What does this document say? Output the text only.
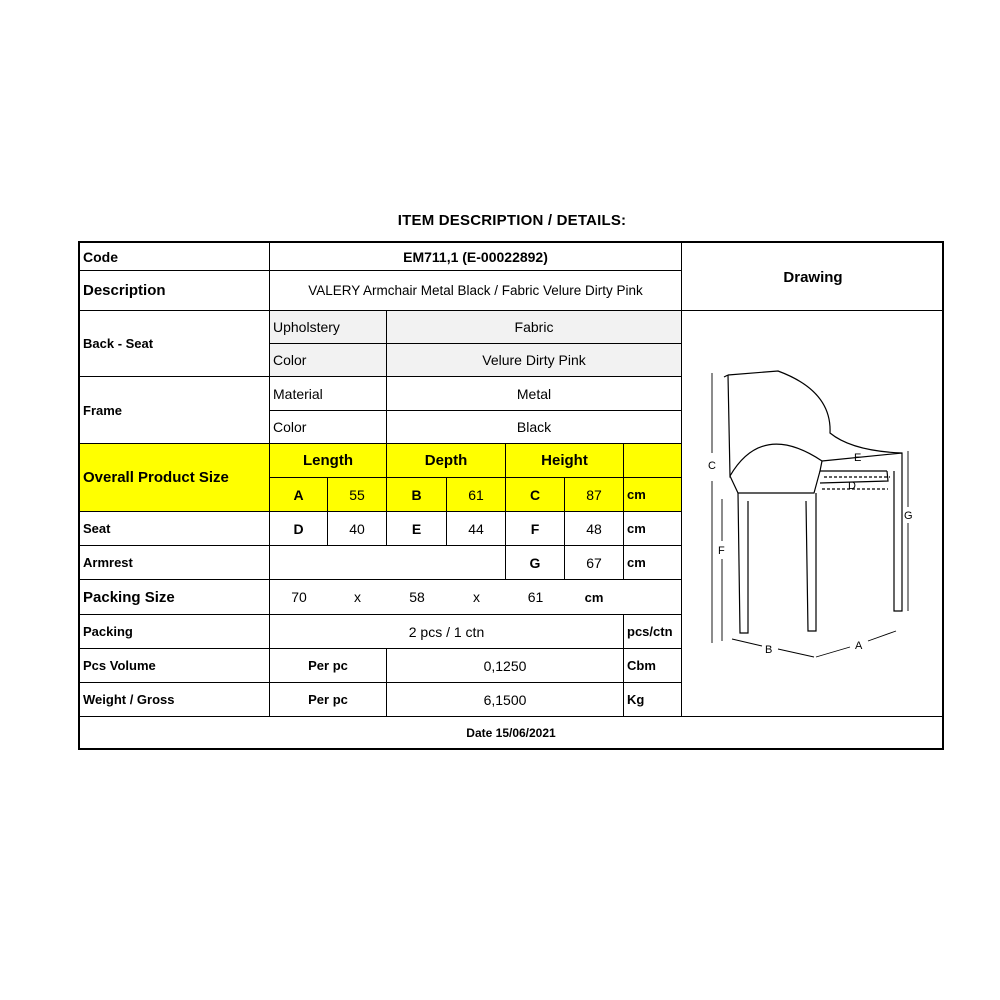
ITEM DESCRIPTION / DETAILS:
Code	EM711,1 (E-00022892)
Description	VALERY Armchair Metal Black / Fabric Velure Dirty Pink
Drawing
Back - Seat
Upholstery	Fabric
Color	Velure Dirty Pink
Frame
Material	Metal
Color	Black
Overall Product Size
Length	Depth	Height
A	55	B	61	C	87	cm
Seat	D	40	E	44	F	48	cm
Armrest	G	67	cm
Packing Size	70	x	58	x	61	cm
Packing	2 pcs / 1 ctn	pcs/ctn
Pcs Volume	Per pc	0,1250	Cbm
Weight / Gross	Per pc	6,1500	Kg
C
F
G
E
D
B	A
Date 15/06/2021
